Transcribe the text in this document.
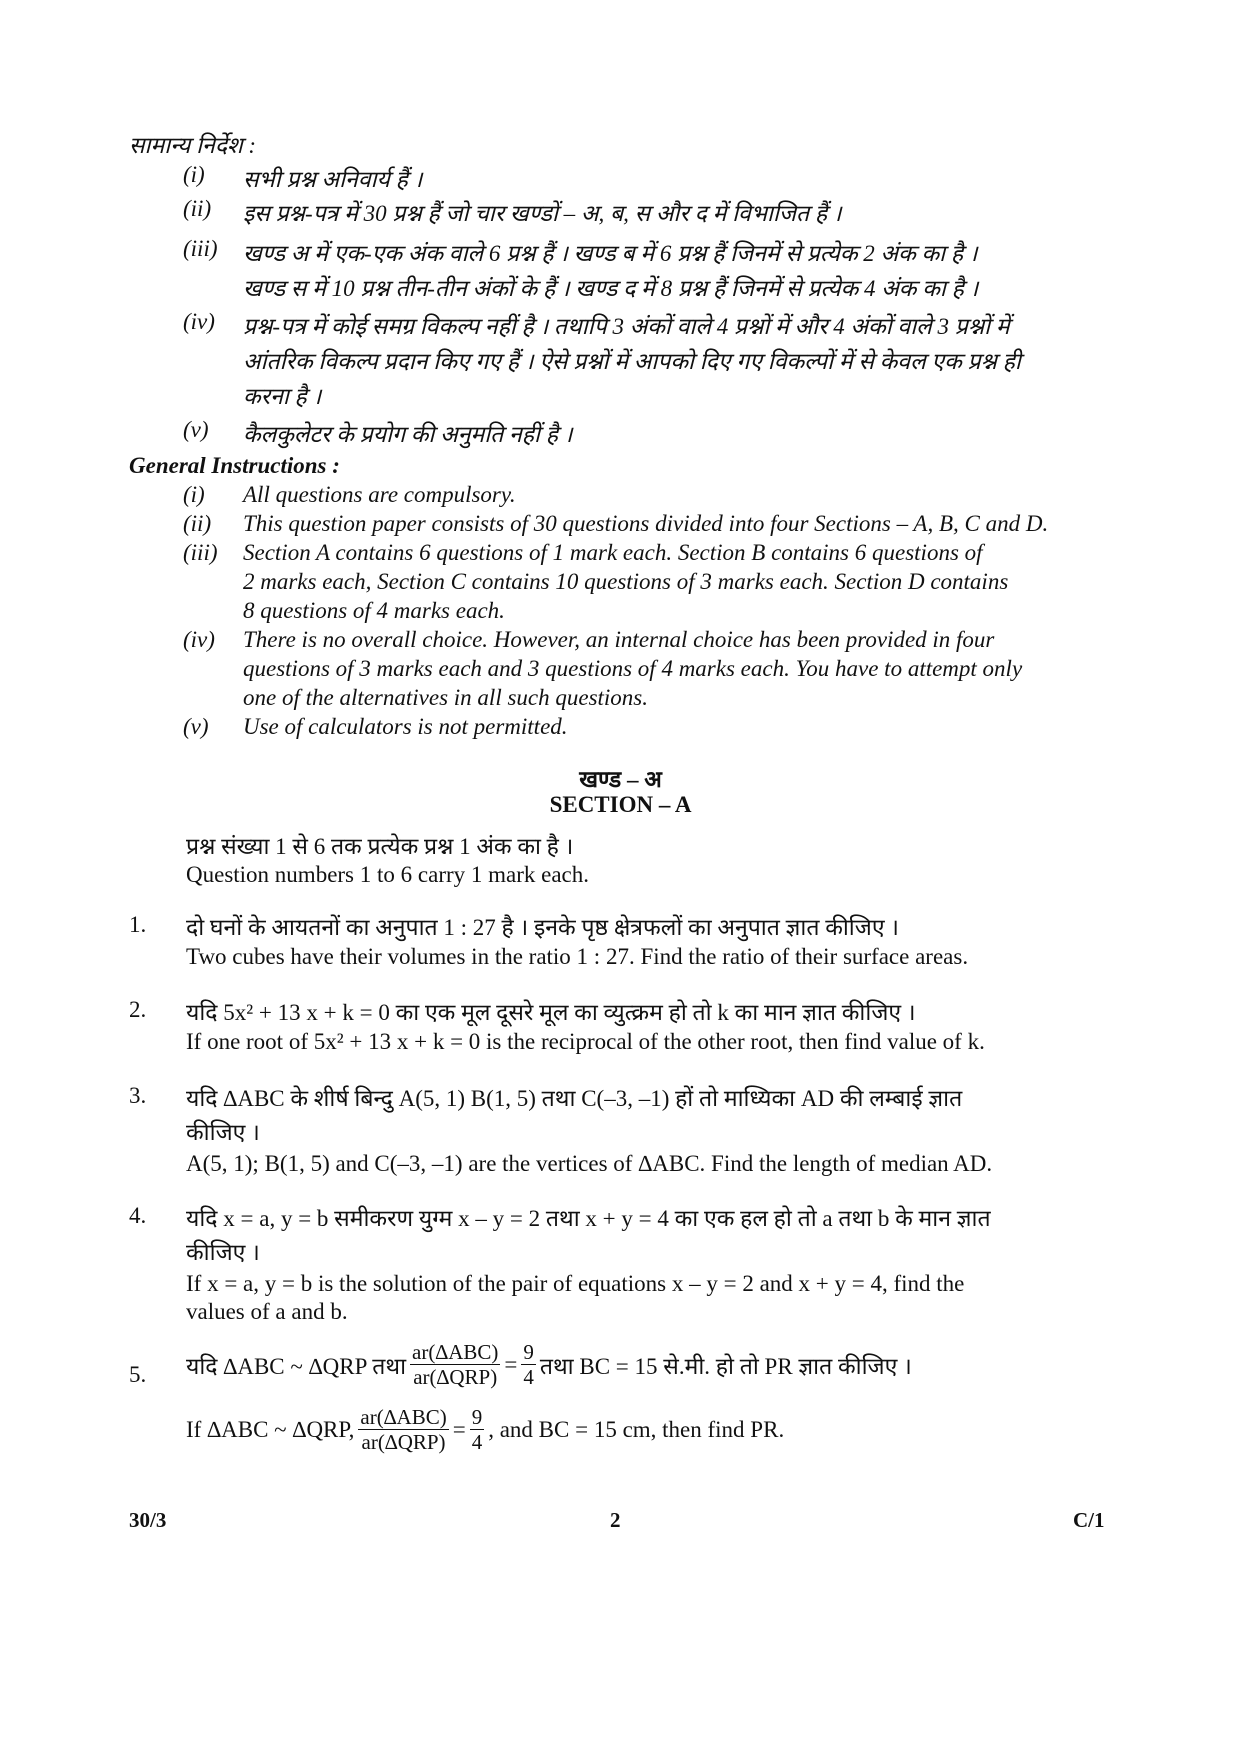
सामान्य निर्देश :
(i) सभी प्रश्न अनिवार्य हैं ।
(ii) इस प्रश्न-पत्र में 30 प्रश्न हैं जो चार खण्डों – अ, ब, स और द में विभाजित हैं ।
(iii) खण्ड अ में एक-एक अंक वाले 6 प्रश्न हैं । खण्ड ब में 6 प्रश्न हैं जिनमें से प्रत्येक 2 अंक का है ।
खण्ड स में 10 प्रश्न तीन-तीन अंकों के हैं । खण्ड द में 8 प्रश्न हैं जिनमें से प्रत्येक 4 अंक का है ।
(iv) प्रश्न-पत्र में कोई समग्र विकल्प नहीं है । तथापि 3 अंकों वाले 4 प्रश्नों में और 4 अंकों वाले 3 प्रश्नों में
आंतरिक विकल्प प्रदान किए गए हैं । ऐसे प्रश्नों में आपको दिए गए विकल्पों में से केवल एक प्रश्न ही
करना है ।
(v) कैलकुलेटर के प्रयोग की अनुमति नहीं है ।
General Instructions :
(i) All questions are compulsory.
(ii) This question paper consists of 30 questions divided into four Sections – A, B, C and D.
(iii) Section A contains 6 questions of 1 mark each. Section B contains 6 questions of
2 marks each, Section C contains 10 questions of 3 marks each. Section D contains
8 questions of 4 marks each.
(iv) There is no overall choice. However, an internal choice has been provided in four
questions of 3 marks each and 3 questions of 4 marks each. You have to attempt only
one of the alternatives in all such questions.
(v) Use of calculators is not permitted.
खण्ड – अ
SECTION – A
प्रश्न संख्या 1 से 6 तक प्रत्येक प्रश्न 1 अंक का है ।
Question numbers 1 to 6 carry 1 mark each.
1. दो घनों के आयतनों का अनुपात 1 : 27 है । इनके पृष्ठ क्षेत्रफलों का अनुपात ज्ञात कीजिए ।
Two cubes have their volumes in the ratio 1 : 27. Find the ratio of their surface areas.
2. यदि 5x² + 13 x + k = 0 का एक मूल दूसरे मूल का व्युत्क्रम हो तो k का मान ज्ञात कीजिए ।
If one root of 5x² + 13 x + k = 0 is the reciprocal of the other root, then find value of k.
3. यदि ∆ABC के शीर्ष बिन्दु A(5, 1) B(1, 5) तथा C(–3, –1) हों तो माध्यिका AD की लम्बाई ज्ञात
कीजिए ।
A(5, 1); B(1, 5) and C(–3, –1) are the vertices of ∆ABC. Find the length of median AD.
4. यदि x = a, y = b समीकरण युग्म x – y = 2 तथा x + y = 4 का एक हल हो तो a तथा b के मान ज्ञात
कीजिए ।
If x = a, y = b is the solution of the pair of equations x – y = 2 and x + y = 4, find the
values of a and b.
5. यदि ∆ABC ~ ∆QRP तथा $\frac{\text{ar(∆ABC)}}{\text{ar(∆QRP)}} = \frac{9}{4}$ तथा BC = 15 से.मी. हो तो PR ज्ञात कीजिए ।
If ∆ABC ~ ∆QRP, $\frac{\text{ar(∆ABC)}}{\text{ar(∆QRP)}} = \frac{9}{4}$ , and BC = 15 cm, then find PR.
30/3	2	C/1
